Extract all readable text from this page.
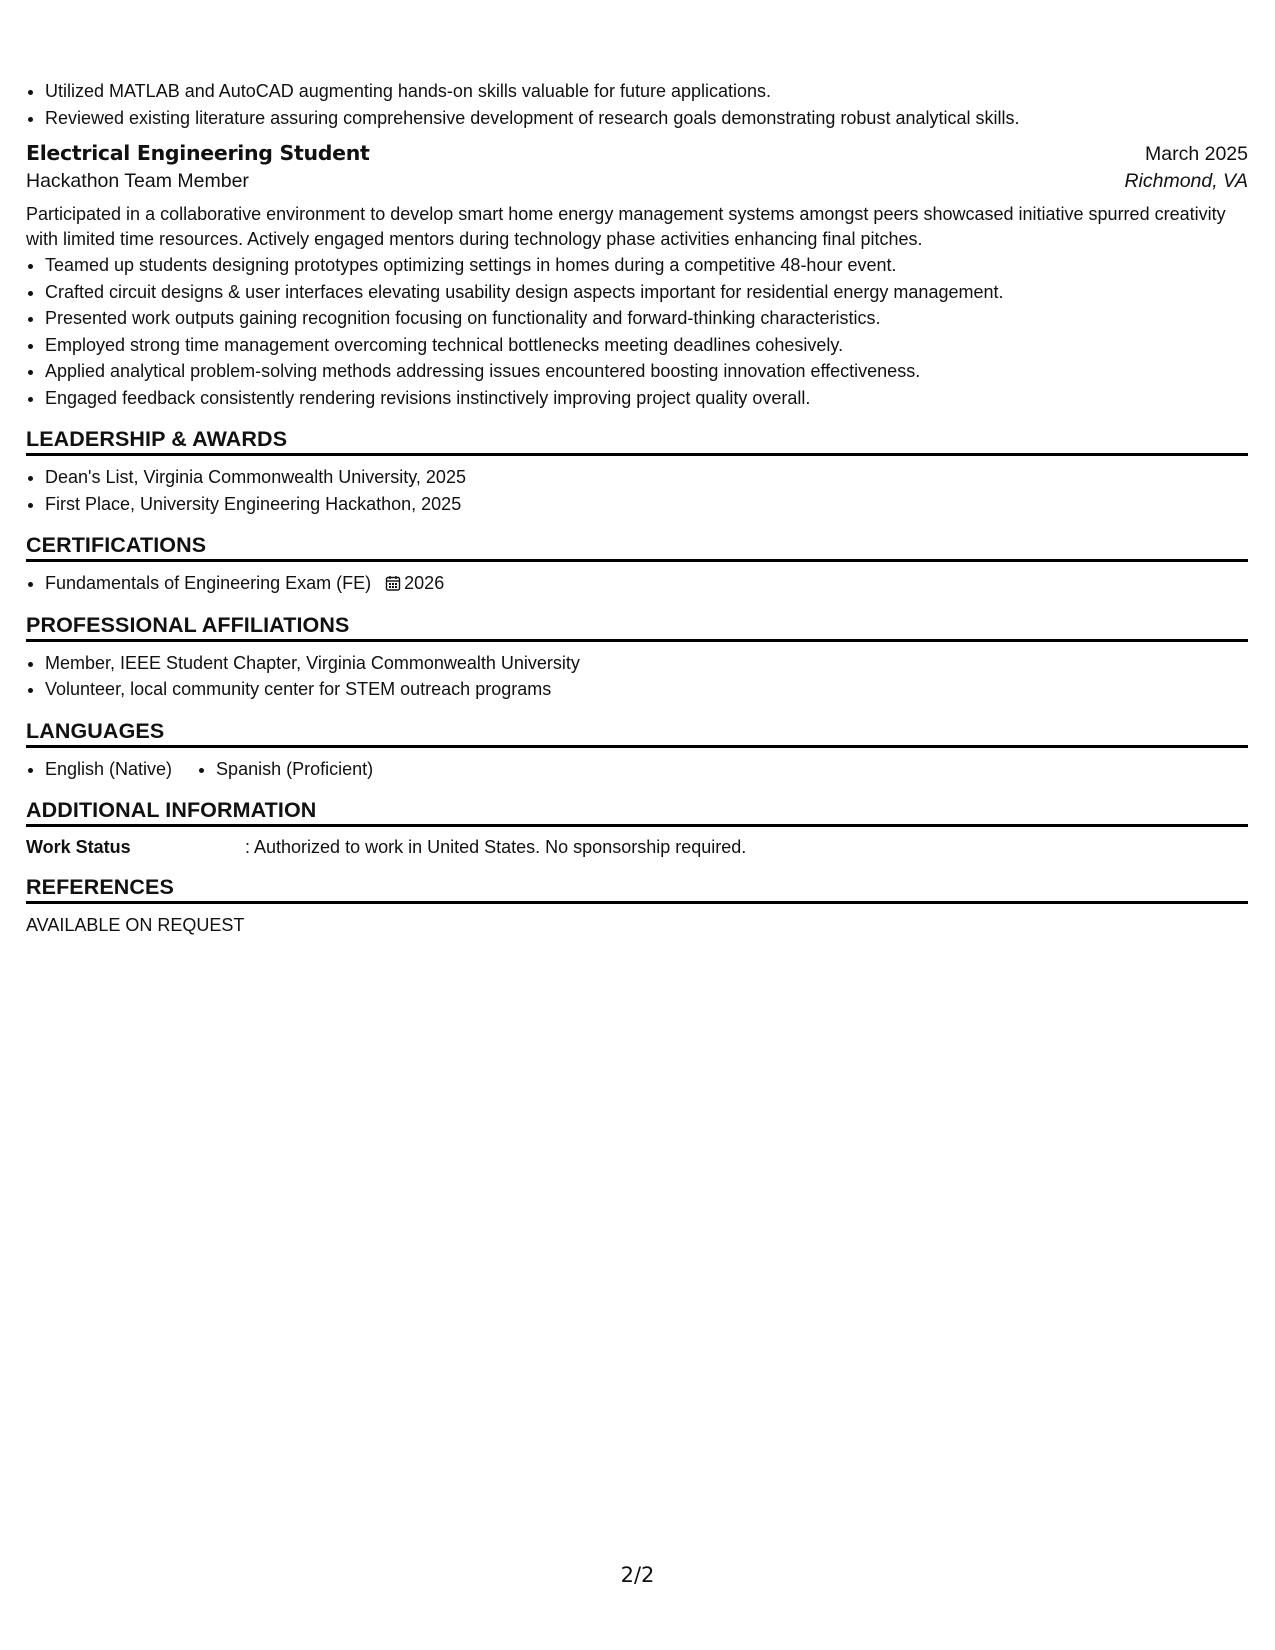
• Utilized MATLAB and AutoCAD augmenting hands-on skills valuable for future applications.
• Reviewed existing literature assuring comprehensive development of research goals demonstrating robust analytical skills.
Electrical Engineering Student	March 2025
Hackathon Team Member	Richmond, VA

Participated in a collaborative environment to develop smart home energy management systems amongst peers showcased initiative spurred creativity with limited time resources. Actively engaged mentors during technology phase activities enhancing final pitches.

• Teamed up students designing prototypes optimizing settings in homes during a competitive 48-hour event.
• Crafted circuit designs & user interfaces elevating usability design aspects important for residential energy management.
• Presented work outputs gaining recognition focusing on functionality and forward-thinking characteristics.
• Employed strong time management overcoming technical bottlenecks meeting deadlines cohesively.
• Applied analytical problem-solving methods addressing issues encountered boosting innovation effectiveness.
• Engaged feedback consistently rendering revisions instinctively improving project quality overall.
LEADERSHIP & AWARDS
• Dean's List, Virginia Commonwealth University, 2025
• First Place, University Engineering Hackathon, 2025
CERTIFICATIONS
• Fundamentals of Engineering Exam (FE) 2026
PROFESSIONAL AFFILIATIONS
• Member, IEEE Student Chapter, Virginia Commonwealth University
• Volunteer, local community center for STEM outreach programs
LANGUAGES
• English (Native)
• Spanish (Proficient)
ADDITIONAL INFORMATION
Work Status	: Authorized to work in United States. No sponsorship required.
REFERENCES
AVAILABLE ON REQUEST
2/2
